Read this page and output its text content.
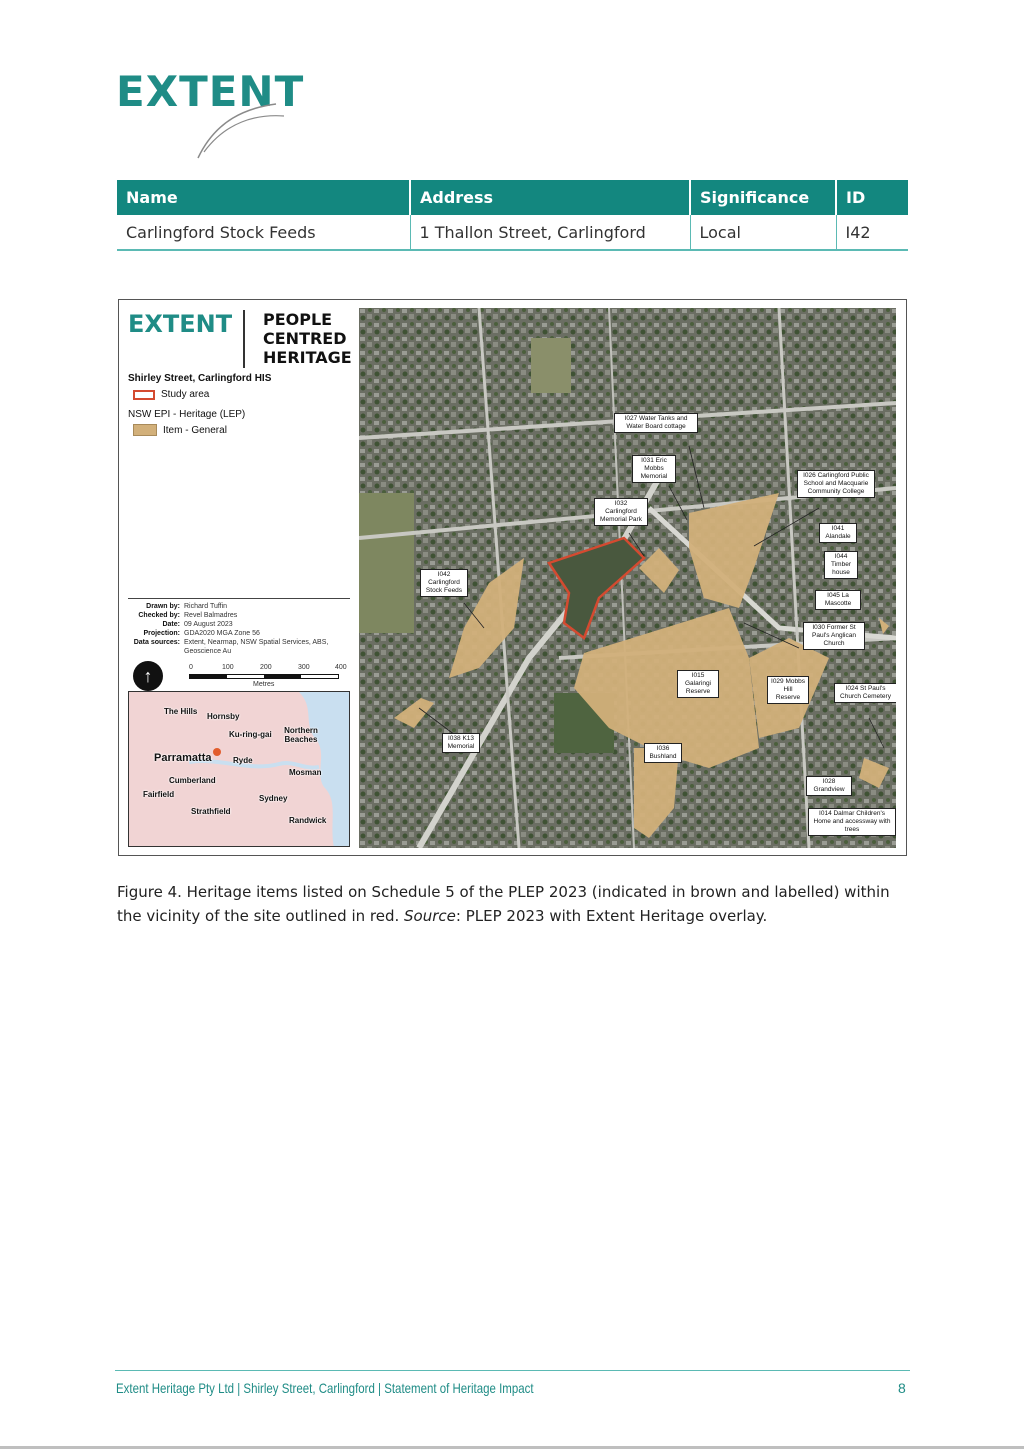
EXTENT
Name	Address	Significance	ID
Carlingford Stock Feeds	1 Thallon Street, Carlingford	Local	I42
EXTENT PEOPLE
CENTRED
HERITAGE
Shirley Street, Carlingford HIS
Study area
NSW EPI - Heritage (LEP)
Item - General
Drawn by: Richard Tuffin
Checked by: Revel Balmadres
Date: 09 August 2023
Projection: GDA2020 MGA Zone 56
Data sources: Extent, Nearmap, NSW Spatial Services, ABS, Geoscience Au
↑	0	100	200	300	400
Metres
The Hills
Hornsby
Ku-ring-gai	Northern Beaches
Parramatta	Ryde
Cumberland
Mosman
Fairfield	Sydney
Strathfield
Randwick
I027 Water Tanks and Water Board cottage
I031 Eric Mobbs Memorial	I026 Carlingford Public School and Macquarie Community College
I032 Carlingford Memorial Park
I041 Alandale
I044 Timber house
I042 Carlingford Stock Feeds
I045 La Mascotte
I030 Former St Paul's Anglican Church
I015 Galaringi Reserve
I029 Mobbs Hill Reserve
I024 St Paul's Church Cemetery
I038 K13 Memorial	I036 Bushland
I028 Grandview
I014 Dalmar Children's Home and accessway with trees
Figure 4. Heritage items listed on Schedule 5 of the PLEP 2023 (indicated in brown and labelled) within the vicinity of the site outlined in red. Source: PLEP 2023 with Extent Heritage overlay.
Extent Heritage Pty Ltd | Shirley Street, Carlingford | Statement of Heritage Impact	8
